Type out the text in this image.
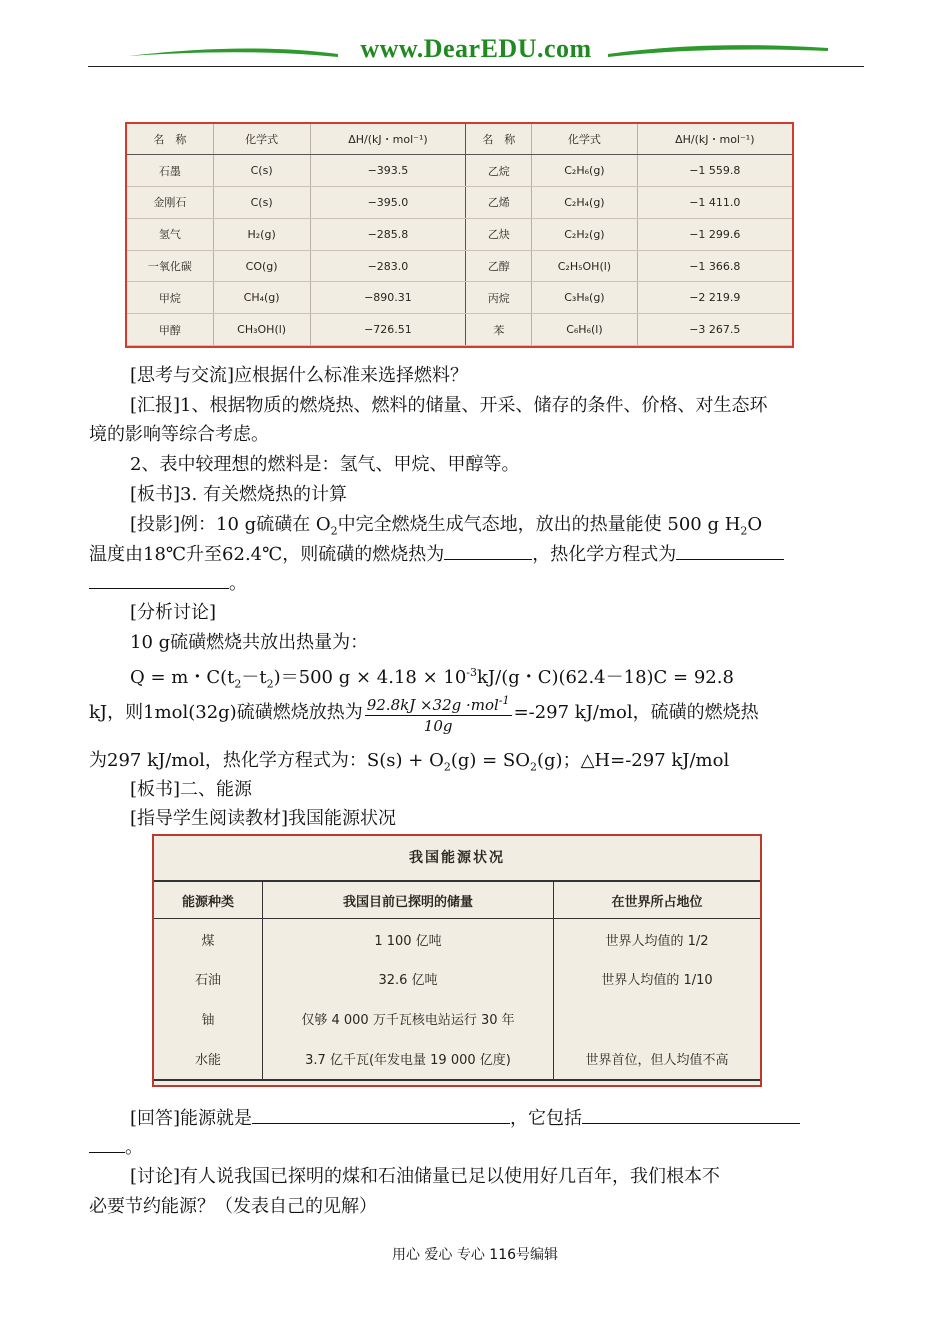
www.DearEDU.com
名　称	化学式	ΔH/(kJ・mol⁻¹)	名　称	化学式	ΔH/(kJ・mol⁻¹)
石墨	C(s)	−393.5	乙烷	C₂H₆(g)	−1 559.8
金刚石	C(s)	−395.0	乙烯	C₂H₄(g)	−1 411.0
氢气	H₂(g)	−285.8	乙炔	C₂H₂(g)	−1 299.6
一氧化碳	CO(g)	−283.0	乙醇	C₂H₅OH(l)	−1 366.8
甲烷	CH₄(g)	−890.31	丙烷	C₃H₈(g)	−2 219.9
甲醇	CH₃OH(l)	−726.51	苯	C₆H₆(l)	−3 267.5
[思考与交流]应根据什么标准来选择燃料？
[汇报]1、根据物质的燃烧热、燃料的储量、开采、储存的条件、价格、对生态环
境的影响等综合考虑。
2、表中较理想的燃料是：氢气、甲烷、甲醇等。
[板书]3. 有关燃烧热的计算
[投影]例：10 g硫磺在 $O_2$中完全燃烧生成气态地，放出的热量能使 500 g $H_2O$
温度由18℃升至62.4℃，则硫磺的燃烧热为	，热化学方程式为
。
[分析讨论]
10 g硫磺燃烧共放出热量为：
Q = m・$C(t_2-t_2)=500$ $g \times 4.18 \times 10^{-3}kJ/(g$・C)(62.4－18)C = 92.8
kJ，则1mol(32g)硫磺燃烧放热为 $\frac{92.8kJ \times 32g \cdot mol^{-1}}{10g} =-297$ kJ/mol，硫磺的燃烧热
为297 kJ/mol，热化学方程式为：$S(s) + O_2(g) = SO_2(g)$；△H=-297 kJ/mol
[板书]二、能源
[指导学生阅读教材]我国能源状况
我国能源状况
能源种类	我国目前已探明的储量	在世界所占地位
煤	1 100 亿吨	世界人均值的 1/2
石油	32.6 亿吨	世界人均值的 1/10
铀	仅够 4 000 万千瓦核电站运行 30 年	
水能	3.7 亿千瓦(年发电量 19 000 亿度)	世界首位，但人均值不高
[回答]能源就是	，它包括
。
[讨论]有人说我国已探明的煤和石油储量已足以使用好几百年，我们根本不
必要节约能源？（发表自己的见解）
用心 爱心 专心 116号编辑
